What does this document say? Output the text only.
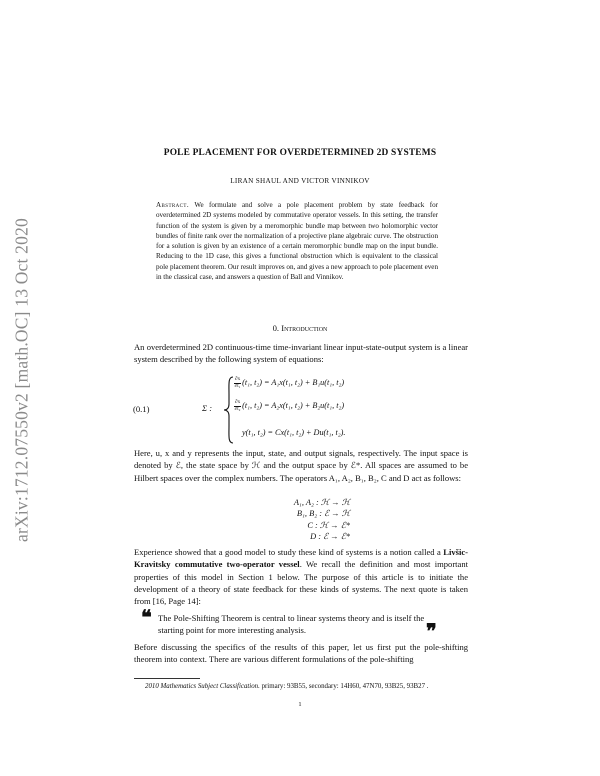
arXiv:1712.07550v2 [math.OC] 13 Oct 2020
POLE PLACEMENT FOR OVERDETERMINED 2D SYSTEMS
LIRAN SHAUL AND VICTOR VINNIKOV
Abstract. We formulate and solve a pole placement problem by state feedback for overdetermined 2D systems modeled by commutative operator vessels. In this setting, the transfer function of the system is given by a meromorphic bundle map between two holomorphic vector bundles of finite rank over the normalization of a projective plane algebraic curve. The obstruction for a solution is given by an existence of a certain meromorphic bundle map on the input bundle. Reducing to the 1D case, this gives a functional obstruction which is equivalent to the classical pole placement theorem. Our result improves on, and gives a new approach to pole placement even in the classical case, and answers a question of Ball and Vinnikov.
0. Introduction
An overdetermined 2D continuous-time time-invariant linear input-state-output system is a linear system described by the following system of equations:
(0.1)	Σ :
$\frac{\partial x}{\text{∂t₁}} (t_1$, t₂) = A₁x(t₁, t₂) + B₁u(t₁, t₂)
$\frac{\partial x}{\text{∂t₂}} (t_1$, t₂) = A₂x(t₁, t₂) + B₂u(t₁, t₂)
y(t₁, t₂) = Cx(t₁, t₂) + Du(t₁, t₂).
Here, u, x and y represents the input, state, and output signals, respectively. The input space is denoted by ℰ, the state space by ℋ and the output space by ℰ*. All spaces are assumed to be Hilbert spaces over the complex numbers. The operators A₁, A₂, B₁, B₂, C and D act as follows:
A₁, A₂ : ℋ → ℋ
B₁, B₂ : ℰ → ℋ
C : ℋ → ℰ*
D : ℰ → ℰ*
Experience showed that a good model to study these kind of systems is a notion called a Livšic-Kravitsky commutative two-operator vessel. We recall the definition and most important properties of this model in Section 1 below. The purpose of this article is to initiate the development of a theory of state feedback for these kinds of systems. The next quote is taken from [16, Page 14]:
❝ The Pole-Shifting Theorem is central to linear systems theory and is itself the starting point for more interesting analysis.	❞
Before discussing the specifics of the results of this paper, let us first put the pole-shifting theorem into context. There are various different formulations of the pole-shifting
2010 Mathematics Subject Classification. primary: 93B55, secondary: 14H60, 47N70, 93B25, 93B27 .
1
